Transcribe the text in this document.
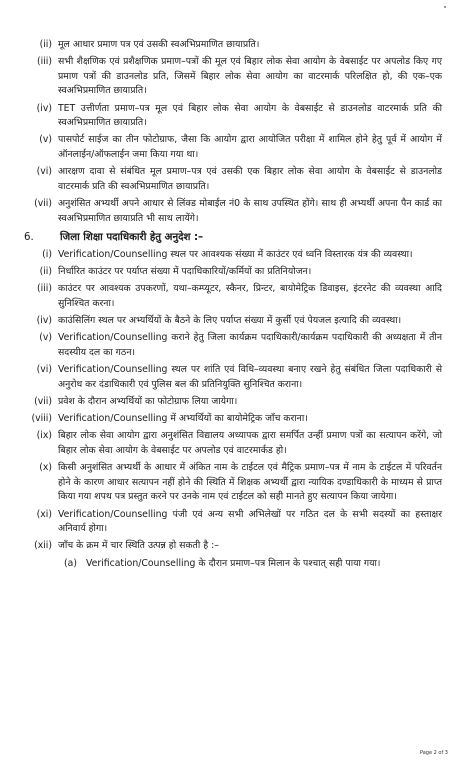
(ii) मूल आधार प्रमाण पत्र एवं उसकी स्वअभिप्रमाणित छायाप्रति।
(iii) सभी शैक्षणिक एवं प्रशैक्षणिक प्रमाण–पत्रों की मूल एवं बिहार लोक सेवा आयोग के वेबसाईट पर अपलोड किए गए प्रमाण पत्रों की डाउनलोड प्रति, जिसमें बिहार लोक सेवा आयोग का वाटरमार्क परिलक्षित हो, की एक–एक स्वअभिप्रमाणित छायाप्रति।
(iv) TET उत्तीर्णता प्रमाण–पत्र मूल एवं बिहार लोक सेवा आयोग के वेबसाईट से डाउनलोड वाटरमार्क प्रति की स्वअभिप्रमाणित छायाप्रति।
(v) पासपोर्ट साईज का तीन फोटोग्राफ, जैसा कि आयोग द्वारा आयोजित परीक्षा में शामिल होने हेतु पूर्व में आयोग में ऑनलाईन/ऑफलाईन जमा किया गया था।
(vi) आरक्षण दावा से संबंधित मूल प्रमाण–पत्र एवं उसकी एक बिहार लोक सेवा आयोग के वेबसाईट से डाउनलोड वाटरमार्क प्रति की स्वअभिप्रमाणित छायाप्रति।
(vii) अनुशंसित अभ्यर्थी अपने आधार से लिंक्ड मोबाईल नं0 के साथ उपस्थित होंगे। साथ ही अभ्यर्थी अपना पैन कार्ड का स्वअभिप्रमाणित छायाप्रति भी साथ लायेंगे।
6.	जिला शिक्षा पदाधिकारी हेतु अनुदेश :–
(i) Verification/Counselling स्थल पर आवश्यक संख्या में काउंटर एवं ध्वनि विस्तारक यंत्र की व्यवस्था।
(ii) निर्धारित काउंटर पर पर्याप्त संख्या में पदाधिकारियों/कर्मियों का प्रतिनियोजन।
(iii) काउंटर पर आवश्यक उपकरणों, यथा–कम्प्यूटर, स्कैनर, प्रिन्टर, बायोमेट्रिक डिवाइस, इंटरनेट की व्यवस्था आदि सुनिश्चित करना।
(iv) काउंसिलिंग स्थल पर अभ्यर्थियों के बैठने के लिए पर्याप्त संख्या में कुर्सी एवं पेयजल इत्यादि की व्यवस्था।
(v) Verification/Counselling कराने हेतु जिला कार्यक्रम पदाधिकारी/कार्यक्रम पदाधिकारी की अध्यक्षता में तीन सदस्यीय दल का गठन।
(vi) Verification/Counselling स्थल पर शांति एवं विधि–व्यवस्था बनाए रखने हेतु संबंधित जिला पदाधिकारी से अनुरोध कर दंडाधिकारी एवं पुलिस बल की प्रतिनियुक्ति सुनिश्चित कराना।
(vii) प्रवेश के दौरान अभ्यर्थियों का फोटोग्राफ लिया जायेगा।
(viii) Verification/Counselling में अभ्यर्थियों का बायोमेट्रिक जाँच कराना।
(ix) बिहार लोक सेवा आयोग द्वारा अनुशंसित विद्यालय अध्यापक द्वारा समर्पित उन्हीं प्रमाण पत्रों का सत्यापन करेंगे, जो बिहार लोक सेवा आयोग के वेबसाईट पर अपलोड एवं वाटरमार्कड हो।
(x) किसी अनुशंसित अभ्यर्थी के आधार में अंकित नाम के टाईटल एवं मैट्रिक प्रमाण–पत्र में नाम के टाईटल में परिवर्तन होने के कारण आधार सत्यापन नहीं होने की स्थिति में शिक्षक अभ्यर्थी द्वारा न्यायिक दण्डाधिकारी के माध्यम से प्राप्त किया गया शपथ पत्र प्रस्तुत करने पर उनके नाम एवं टाईटल को सही मानते हुए सत्यापन किया जायेगा।
(xi) Verification/Counselling पंजी एवं अन्य सभी अभिलेखों पर गठित दल के सभी सदस्यों का हस्ताक्षर अनिवार्य होगा।
(xii) जाँच के क्रम में चार स्थिति उत्पन्न हो सकती है :–
(a) Verification/Counselling के दौरान प्रमाण–पत्र मिलान के पश्चात् सही पाया गया।
Page 2 of 3
